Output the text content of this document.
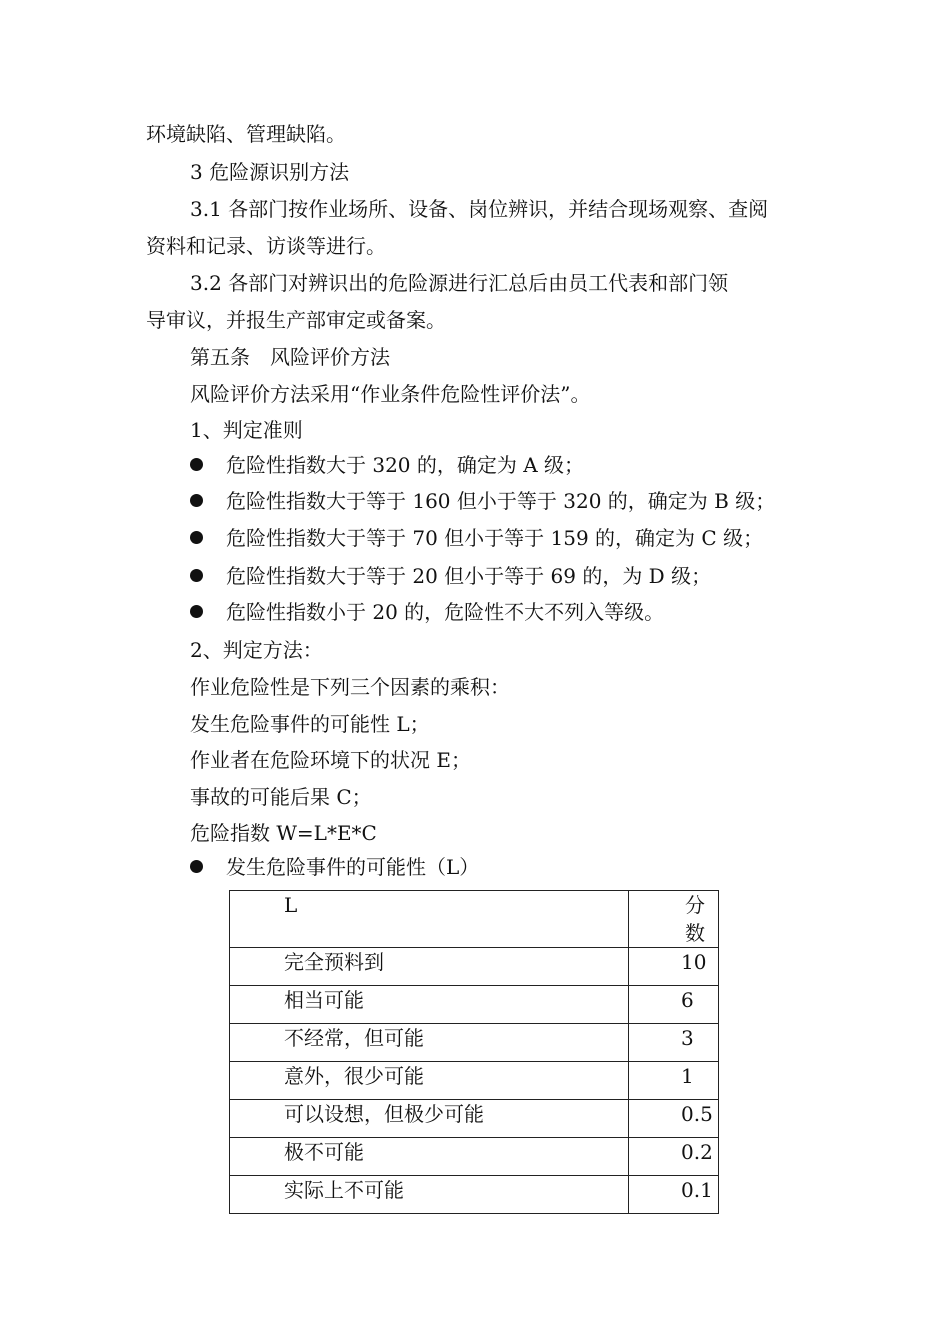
环境缺陷、管理缺陷。
3 危险源识别方法
3.1 各部门按作业场所、设备、岗位辨识，并结合现场观察、查阅
资料和记录、访谈等进行。
3.2 各部门对辨识出的危险源进行汇总后由员工代表和部门领
导审议，并报生产部审定或备案。
第五条　风险评价方法
风险评价方法采用“作业条件危险性评价法”。
1、判定准则
危险性指数大于 320 的，确定为 A 级；
危险性指数大于等于 160 但小于等于 320 的，确定为 B 级；
危险性指数大于等于 70 但小于等于 159 的，确定为 C 级；
危险性指数大于等于 20 但小于等于 69 的，为 D 级；
危险性指数小于 20 的，危险性不大不列入等级。
2、判定方法：
作业危险性是下列三个因素的乘积：
发生危险事件的可能性 L；
作业者在危险环境下的状况 E；
事故的可能后果 C；
危险指数 W=L*E*C
发生危险事件的可能性（L）
L	分数
完全预料到	10
相当可能	6
不经常，但可能	3
意外，很少可能	1
可以设想，但极少可能	0.5
极不可能	0.2
实际上不可能	0.1
